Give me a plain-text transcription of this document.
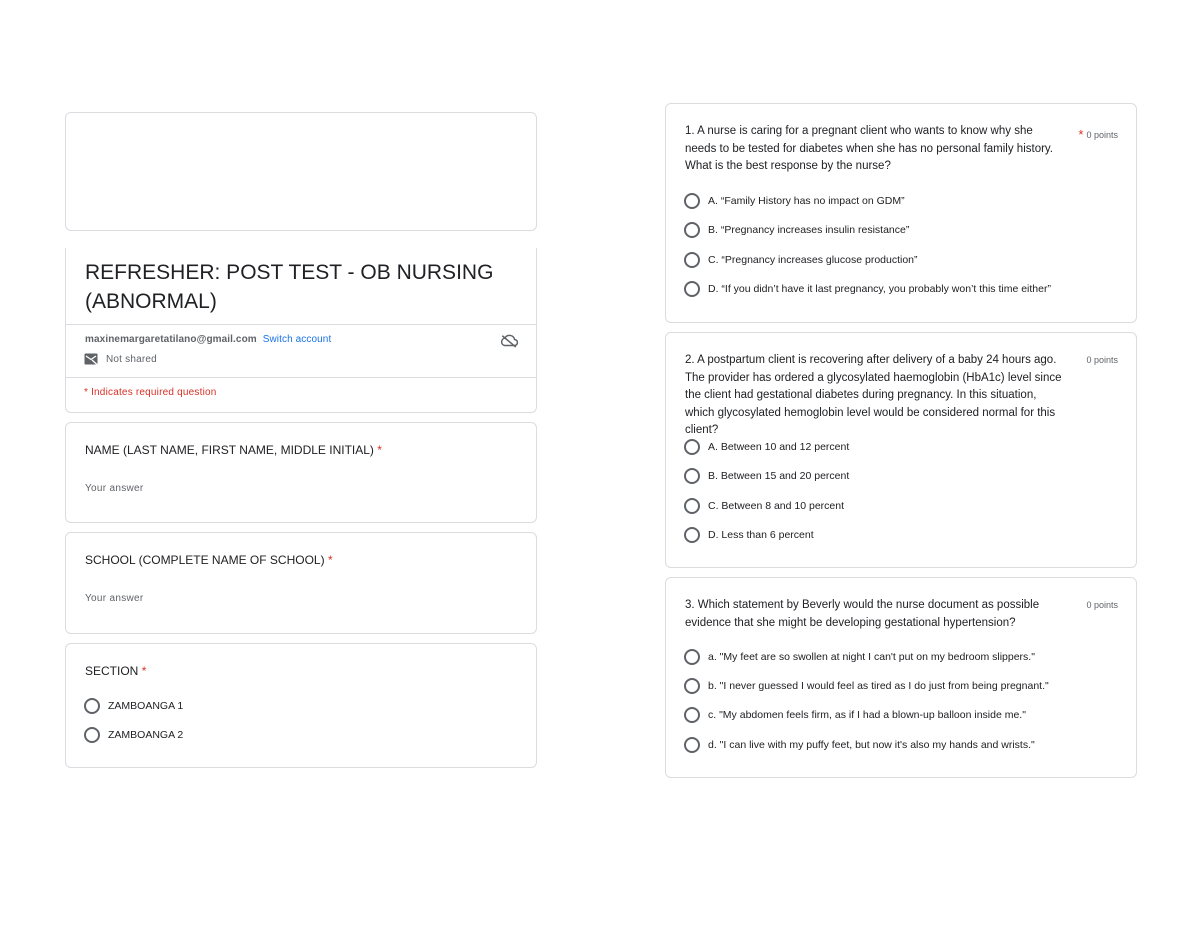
REFRESHER: POST TEST - OB NURSING (ABNORMAL)
maxinemargaretatilano@gmail.com Switch account
Not shared
* Indicates required question
NAME (LAST NAME, FIRST NAME, MIDDLE INITIAL) *
Your answer
SCHOOL (COMPLETE NAME OF SCHOOL) *
Your answer
SECTION *
ZAMBOANGA 1
ZAMBOANGA 2
1. A nurse is caring for a pregnant client who wants to know why she needs to be tested for diabetes when she has no personal family history. What is the best response by the nurse?
* 0 points
A. “Family History has no impact on GDM”
B. “Pregnancy increases insulin resistance”
C. “Pregnancy increases glucose production”
D. “If you didn’t have it last pregnancy, you probably won’t this time either”
2. A postpartum client is recovering after delivery of a baby 24 hours ago. The provider has ordered a glycosylated haemoglobin (HbA1c) level since the client had gestational diabetes during pregnancy. In this situation, which glycosylated hemoglobin level would be considered normal for this client?
0 points
A. Between 10 and 12 percent
B. Between 15 and 20 percent
C. Between 8 and 10 percent
D. Less than 6 percent
3. Which statement by Beverly would the nurse document as possible evidence that she might be developing gestational hypertension?
0 points
a. "My feet are so swollen at night I can't put on my bedroom slippers."
b. "I never guessed I would feel as tired as I do just from being pregnant."
c. "My abdomen feels firm, as if I had a blown-up balloon inside me."
d. "I can live with my puffy feet, but now it's also my hands and wrists."
